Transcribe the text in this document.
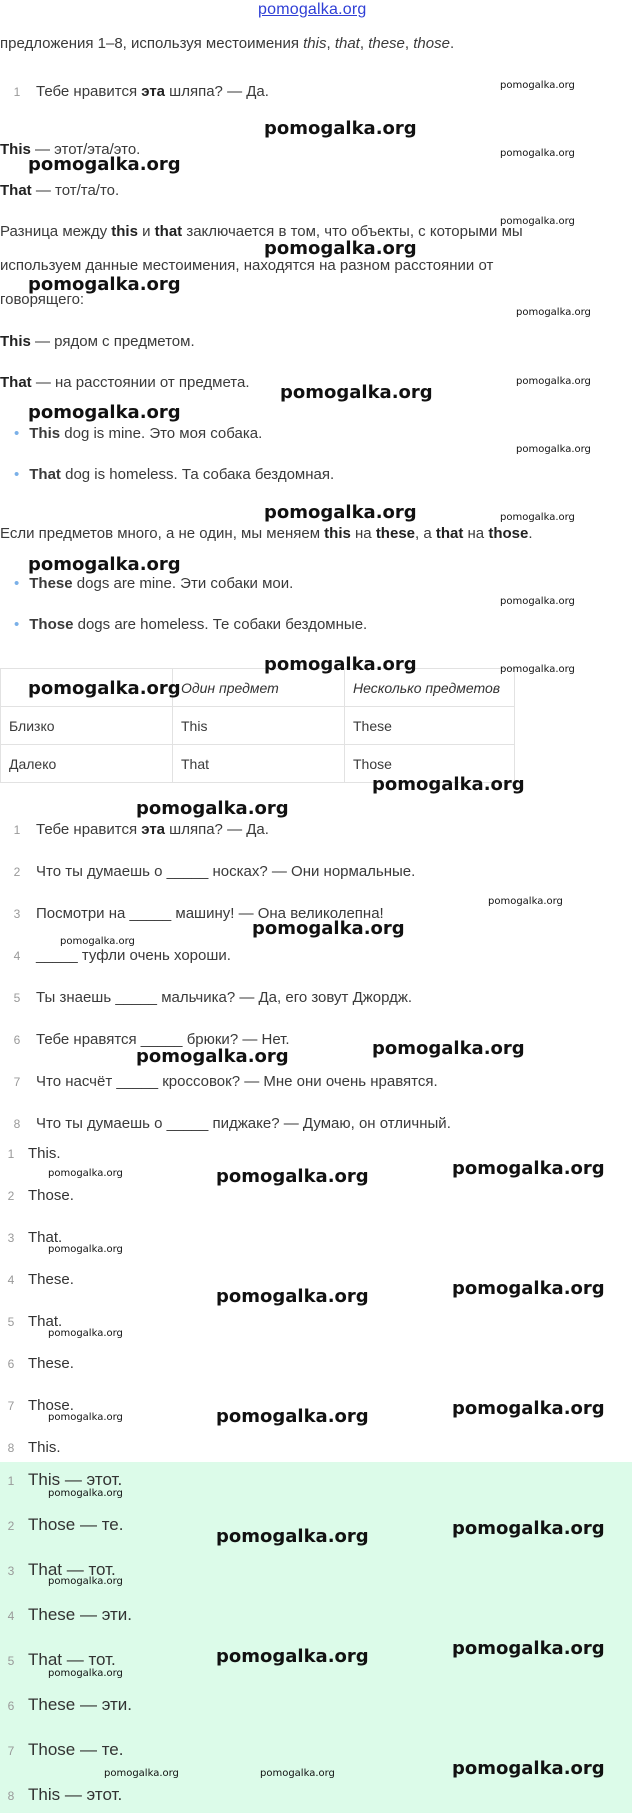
pomogalka.org
предложения 1–8, используя местоимения this, that, these, those.
1 Тебе нравится эта шляпа? — Да.
This — этот/эта/это.
That — тот/та/то.
Разница между this и that заключается в том, что объекты, с которыми мы
используем данные местоимения, находятся на разном расстоянии от
говорящего:
This — рядом с предметом.
That — на расстоянии от предмета.
• This dog is mine. Это моя собака.
• That dog is homeless. Та собака бездомная.
Если предметов много, а не один, мы меняем this на these, а that на those.
• These dogs are mine. Эти собаки мои.
• Those dogs are homeless. Те собаки бездомные.
	Один предмет	Несколько предметов
Близко	This	These
Далеко	That	Those
1 Тебе нравится эта шляпа? — Да.
2 Что ты думаешь о _____ носках? — Они нормальные.
3 Посмотри на _____ машину! — Она великолепна!
4 _____ туфли очень хороши.
5 Ты знаешь _____ мальчика? — Да, его зовут Джордж.
6 Тебе нравятся _____ брюки? — Нет.
7 Что насчёт _____ кроссовок? — Мне они очень нравятся.
8 Что ты думаешь о _____ пиджаке? — Думаю, он отличный.
1 This.
2 Those.
3 That.
4 These.
5 That.
6 These.
7 Those.
8 This.
1 This — этот.
2 Those — те.
3 That — тот.
4 These — эти.
5 That — тот.
6 These — эти.
7 Those — те.
8 This — этот.
pomogalka.org
pomogalka.org
pomogalka.org
pomogalka.org
pomogalka.org
pomogalka.org
pomogalka.org
pomogalka.org
pomogalka.org
pomogalka.org
pomogalka.org
pomogalka.org
pomogalka.org
pomogalka.org
pomogalka.org
pomogalka.org	pomogalka.org
pomogalka.org	pomogalka.org
pomogalka.org	pomogalka.org
pomogalka.org	pomogalka.org
pomogalka.org	pomogalka.org
pomogalka.org
pomogalka.org
pomogalka.org
pomogalka.org
pomogalka.org
pomogalka.org
pomogalka.org
pomogalka.org
pomogalka.org
pomogalka.org
pomogalka.org
pomogalka.org
pomogalka.org
pomogalka.org
pomogalka.org
pomogalka.org
pomogalka.org
pomogalka.org
pomogalka.org
pomogalka.org	pomogalka.org
